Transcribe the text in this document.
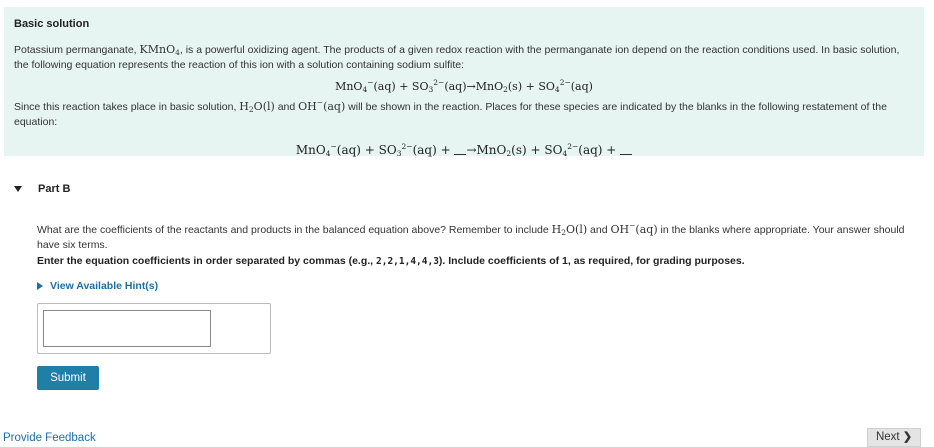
Basic solution
Potassium permanganate, KMnO$_4$, is a powerful oxidizing agent. The products of a given redox reaction with the permanganate ion depend on the reaction conditions used. In basic solution, the following equation represents the reaction of this ion with a solution containing sodium sulfite:
$MnO_4^-(aq) + SO_3^{2-}(aq)\to MnO_2(s) + SO_4^{2-}(aq)$
Since this reaction takes place in basic solution, $H_2O(l)$ and OH−(aq) will be shown in the reaction. Places for these species are indicated by the blanks in the following restatement of the equation:
$MnO_4^-(aq) + SO_3^{2-}(aq) + \to MnO_2(s) + SO_4^{2-}(aq)$ +
Part B
What are the coefficients of the reactants and products in the balanced equation above? Remember to include $H_2O(l)$ and OH−(aq) in the blanks where appropriate. Your answer should have six terms.
Enter the equation coefficients in order separated by commas (e.g., 2,2,1,4,4,3). Include coefficients of 1, as required, for grading purposes.
View Available Hint(s)
Submit
Provide Feedback	Next ❯
